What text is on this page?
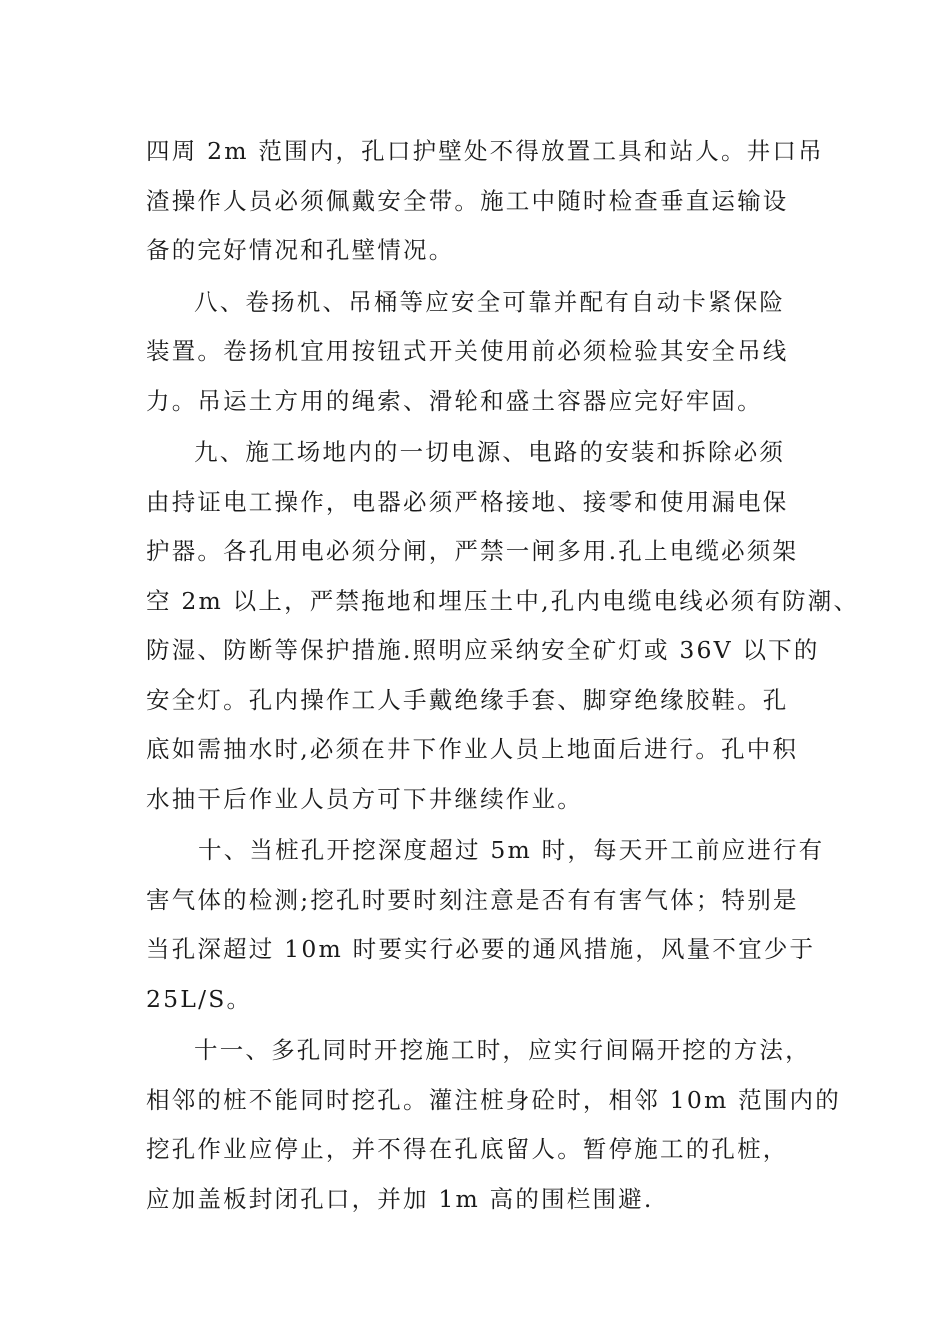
四周 2m 范围内，孔口护壁处不得放置工具和站人。井口吊
渣操作人员必须佩戴安全带。施工中随时检查垂直运输设
备的完好情况和孔壁情况。
八、卷扬机、吊桶等应安全可靠并配有自动卡紧保险
装置。卷扬机宜用按钮式开关使用前必须检验其安全吊线
力。吊运土方用的绳索、滑轮和盛土容器应完好牢固。
九、施工场地内的一切电源、电路的安装和拆除必须
由持证电工操作，电器必须严格接地、接零和使用漏电保
护器。各孔用电必须分闸，严禁一闸多用.孔上电缆必须架
空 2m 以上，严禁拖地和埋压土中,孔内电缆电线必须有防潮、
防湿、防断等保护措施.照明应采纳安全矿灯或 36V 以下的
安全灯。孔内操作工人手戴绝缘手套、脚穿绝缘胶鞋。孔
底如需抽水时,必须在井下作业人员上地面后进行。孔中积
水抽干后作业人员方可下井继续作业。
十、当桩孔开挖深度超过 5m 时，每天开工前应进行有
害气体的检测;挖孔时要时刻注意是否有有害气体；特别是
当孔深超过 10m 时要实行必要的通风措施，风量不宜少于
25L/S。
十一、多孔同时开挖施工时，应实行间隔开挖的方法，
相邻的桩不能同时挖孔。灌注桩身砼时，相邻 10m 范围内的
挖孔作业应停止，并不得在孔底留人。暂停施工的孔桩，
应加盖板封闭孔口，并加 1m 高的围栏围避.
